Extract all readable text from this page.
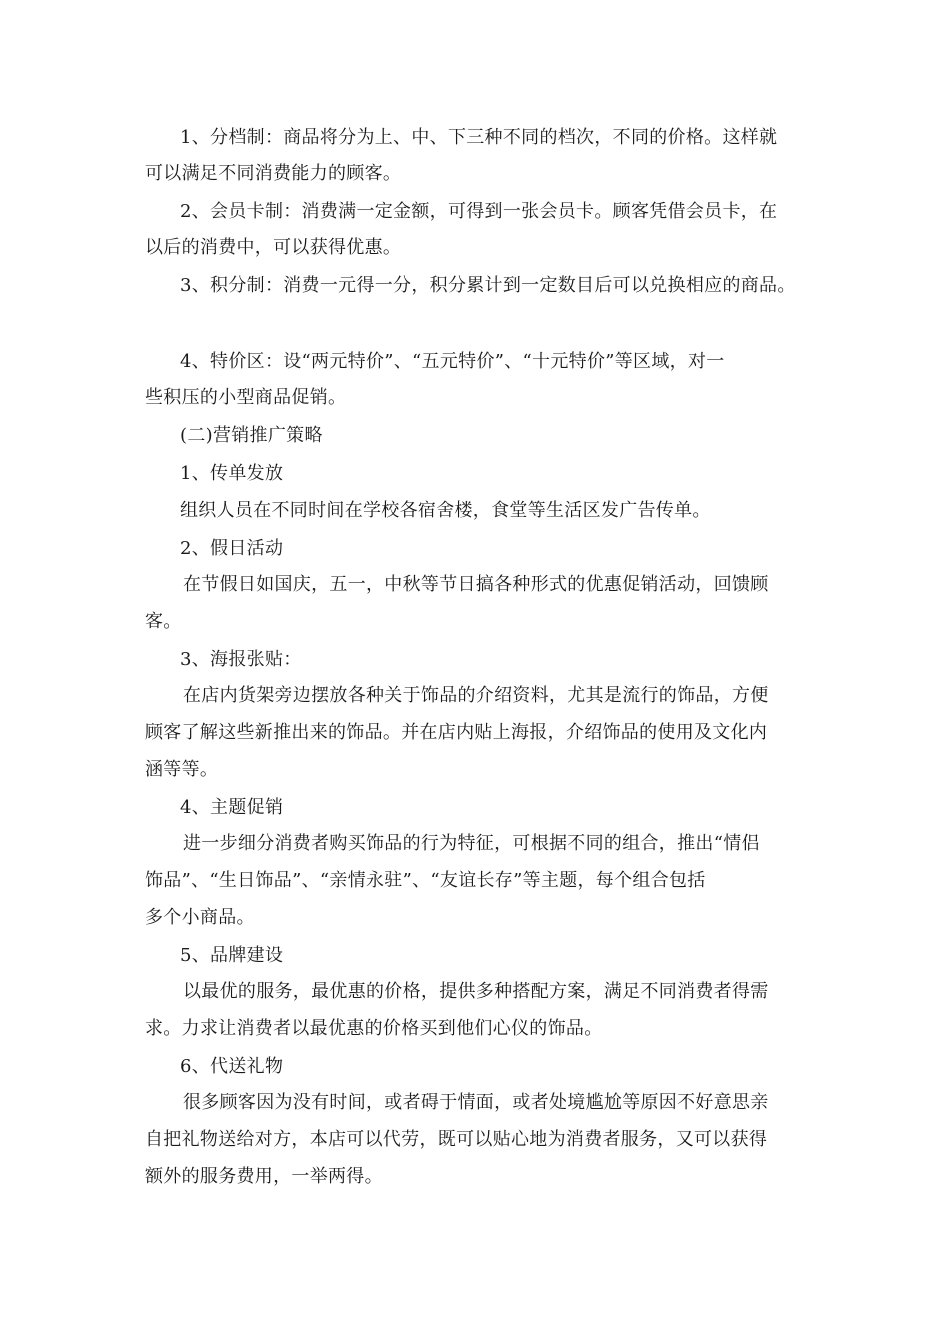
1、分档制：商品将分为上、中、下三种不同的档次，不同的价格。这样就
可以满足不同消费能力的顾客。
2、会员卡制：消费满一定金额，可得到一张会员卡。顾客凭借会员卡，在
以后的消费中，可以获得优惠。
3、积分制：消费一元得一分，积分累计到一定数目后可以兑换相应的商品。
4、特价区：设“两元特价”、“五元特价”、“十元特价”等区域，对一
些积压的小型商品促销。
(二)营销推广策略
1、传单发放
组织人员在不同时间在学校各宿舍楼，食堂等生活区发广告传单。
2、假日活动
在节假日如国庆，五一，中秋等节日搞各种形式的优惠促销活动，回馈顾
客。
3、海报张贴：
在店内货架旁边摆放各种关于饰品的介绍资料，尤其是流行的饰品，方便
顾客了解这些新推出来的饰品。并在店内贴上海报，介绍饰品的使用及文化内
涵等等。
4、主题促销
进一步细分消费者购买饰品的行为特征，可根据不同的组合，推出“情侣
饰品”、“生日饰品”、“亲情永驻”、“友谊长存”等主题，每个组合包括
多个小商品。
5、品牌建设
以最优的服务，最优惠的价格，提供多种搭配方案，满足不同消费者得需
求。力求让消费者以最优惠的价格买到他们心仪的饰品。
6、代送礼物
很多顾客因为没有时间，或者碍于情面，或者处境尴尬等原因不好意思亲
自把礼物送给对方，本店可以代劳，既可以贴心地为消费者服务，又可以获得
额外的服务费用，一举两得。
